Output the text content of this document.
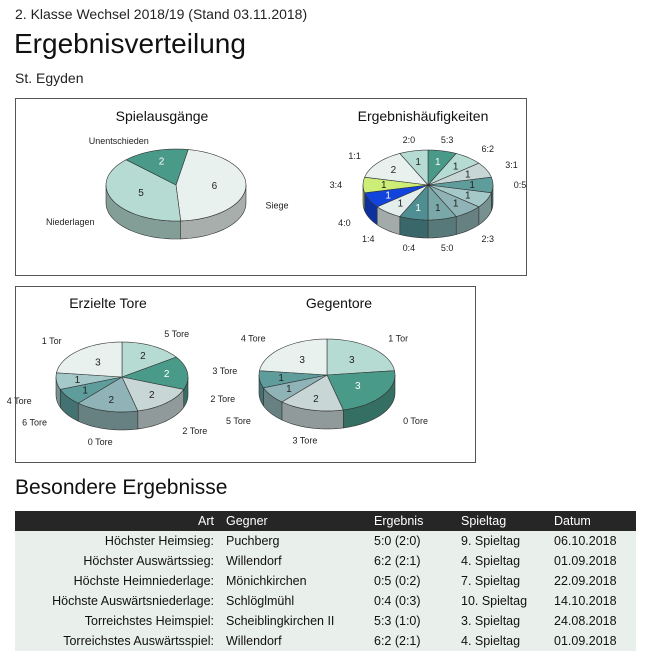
2. Klasse Wechsel 2018/19 (Stand 03.11.2018)
Ergebnisverteilung
St. Egyden
Spielausgänge
6
Siege
5
Niederlagen
2
Unentschieden
Ergebnishäufigkeiten
1
5:3
1
6:2
1
3:1
1	0:5
1
1
2:3
1
5:0
1
0:4
1
1:4
1
4:0
1
3:4
2
1:1
1
2:0
Erzielte Tore
2
5 Tore
2	3 Tore
2
2 Tore
2
0 Tore
1
6 Tore
1
4 Tore
3
1 Tor
Gegentore
3
1 Tor
3
0 Tore
2
3 Tore
1
5 Tore
1
2 Tore
3
4 Tore
Besondere Ergebnisse
Art	Gegner	Ergebnis	Spieltag	Datum
Höchster Heimsieg:	Puchberg	5:0 (2:0)	9. Spieltag	06.10.2018
Höchster Auswärtssieg:	Willendorf	6:2 (2:1)	4. Spieltag	01.09.2018
Höchste Heimniederlage:	Mönichkirchen	0:5 (0:2)	7. Spieltag	22.09.2018
Höchste Auswärtsniederlage:	Schlöglmühl	0:4 (0:3)	10. Spieltag	14.10.2018
Torreichstes Heimspiel:	Scheiblingkirchen II	5:3 (1:0)	3. Spieltag	24.08.2018
Torreichstes Auswärtsspiel:	Willendorf	6:2 (2:1)	4. Spieltag	01.09.2018
